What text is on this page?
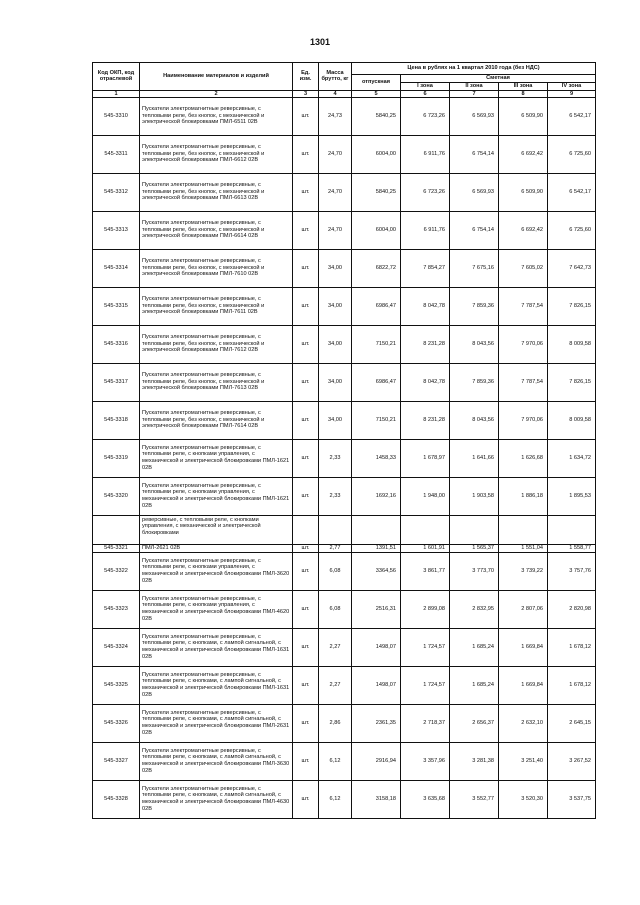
1301
Код ОКП, код отраслевой	Наименование материалов и изделий	Ед. изм.	Масса брутто, кг	Цена в рублях на 1 квартал 2010 года (без НДС)				
				отпускная	Сметная			
					I зона	II зона	III зона	IV зона
1	2	3	4	5	6	7	8	9
545-3310	Пускатели электромагнитные реверсивные, с тепловыми реле, без кнопок, с механической и электрической блокировками ПМЛ-6511 02В	шт.	24,73	5840,25	6 723,26	6 569,93	6 509,90	6 542,17
545-3311	Пускатели электромагнитные реверсивные, с тепловыми реле, без кнопок, с механической и электрической блокировками ПМЛ-6612 02В	шт.	24,70	6004,00	6 911,76	6 754,14	6 692,42	6 725,60
545-3312	Пускатели электромагнитные реверсивные, с тепловыми реле, без кнопок, с механической и электрической блокировками ПМЛ-6613 02В	шт.	24,70	5840,25	6 723,26	6 569,93	6 509,90	6 542,17
545-3313	Пускатели электромагнитные реверсивные, с тепловыми реле, без кнопок, с механической и электрической блокировками ПМЛ-6614 02В	шт.	24,70	6004,00	6 911,76	6 754,14	6 692,42	6 725,60
545-3314	Пускатели электромагнитные реверсивные, с тепловыми реле, без кнопок, с механической и электрической блокировками ПМЛ-7610 02В	шт.	34,00	6822,72	7 854,27	7 675,16	7 605,02	7 642,73
545-3315	Пускатели электромагнитные реверсивные, с тепловыми реле, без кнопок, с механической и электрической блокировками ПМЛ-7611 02В	шт.	34,00	6986,47	8 042,78	7 859,36	7 787,54	7 826,15
545-3316	Пускатели электромагнитные реверсивные, с тепловыми реле, без кнопок, с механической и электрической блокировками ПМЛ-7612 02В	шт.	34,00	7150,21	8 231,28	8 043,56	7 970,06	8 009,58
545-3317	Пускатели электромагнитные реверсивные, с тепловыми реле, без кнопок, с механической и электрической блокировками ПМЛ-7613 02В	шт.	34,00	6986,47	8 042,78	7 859,36	7 787,54	7 826,15
545-3318	Пускатели электромагнитные реверсивные, с тепловыми реле, без кнопок, с механической и электрической блокировками ПМЛ-7614 02В	шт.	34,00	7150,21	8 231,28	8 043,56	7 970,06	8 009,58
545-3319	Пускатели электромагнитные реверсивные, с тепловыми реле, с кнопками управления, с механической и электрической блокировками ПМЛ-1621 02В	шт.	2,33	1458,33	1 678,97	1 641,66	1 626,68	1 634,72
545-3320	Пускатели электромагнитные реверсивные, с тепловыми реле, с кнопками управления, с механической и электрической блокировками ПМЛ-1621 02В	шт.	2,33	1692,16	1 948,00	1 903,58	1 886,18	1 895,53
	реверсивные, с тепловыми реле, с кнопками управления, с механической и электрической блокировками							
545-3321	ПМЛ-2621 02В	шт.	2,77	1391,51	1 601,91	1 565,37	1 551,04	1 558,77
545-3322	Пускатели электромагнитные реверсивные, с тепловыми реле, с кнопками управления, с механической и электрической блокировками ПМЛ-3620 02В	шт.	6,08	3364,56	3 861,77	3 773,70	3 739,22	3 757,76
545-3323	Пускатели электромагнитные реверсивные, с тепловыми реле, с кнопками управления, с механической и электрической блокировками ПМЛ-4620 02В	шт.	6,08	2516,31	2 899,08	2 832,95	2 807,06	2 820,98
545-3324	Пускатели электромагнитные реверсивные, с тепловыми реле, с кнопками, с лампой сигнальной, с механической и электрической блокировками ПМЛ-1631 02В	шт.	2,27	1498,07	1 724,57	1 685,24	1 669,84	1 678,12
545-3325	Пускатели электромагнитные реверсивные, с тепловыми реле, с кнопками, с лампой сигнальной, с механической и электрической блокировками ПМЛ-1631 02В	шт.	2,27	1498,07	1 724,57	1 685,24	1 669,84	1 678,12
545-3326	Пускатели электромагнитные реверсивные, с тепловыми реле, с кнопками, с лампой сигнальной, с механической и электрической блокировками ПМЛ-2631 02В	шт.	2,86	2361,35	2 718,37	2 656,37	2 632,10	2 645,15
545-3327	Пускатели электромагнитные реверсивные, с тепловыми реле, с кнопками, с лампой сигнальной, с механической и электрической блокировками ПМЛ-3630 02В	шт.	6,12	2916,94	3 357,96	3 281,38	3 251,40	3 267,52
545-3328	Пускатели электромагнитные реверсивные, с тепловыми реле, с кнопками, с лампой сигнальной, с механической и электрической блокировками ПМЛ-4630 02В	шт.	6,12	3158,18	3 635,68	3 552,77	3 520,30	3 537,75
